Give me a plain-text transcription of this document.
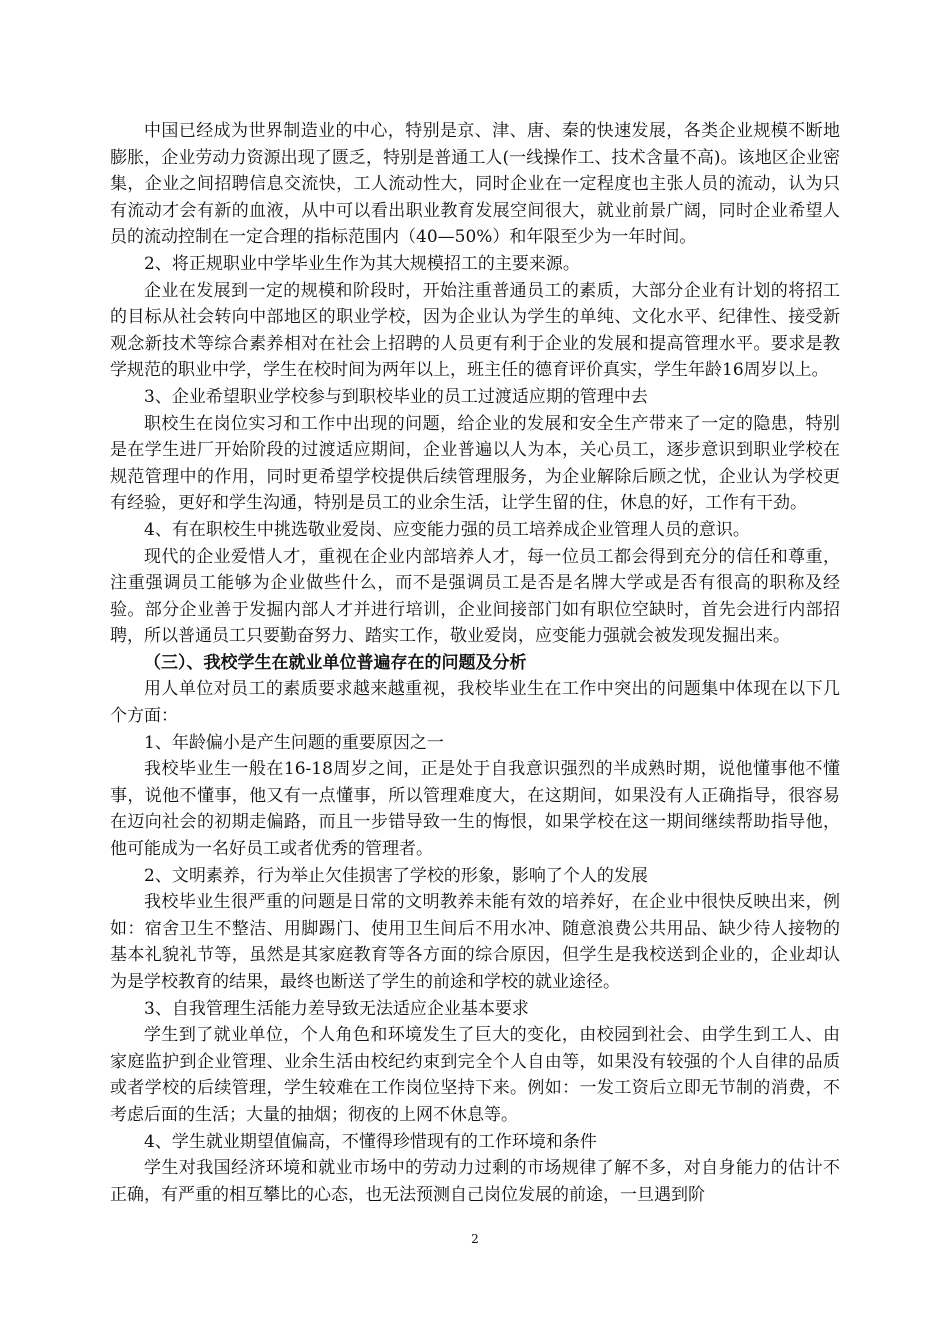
中国已经成为世界制造业的中心，特别是京、津、唐、秦的快速发展，各类企业规模不断地膨胀，企业劳动力资源出现了匮乏，特别是普通工人(一线操作工、技术含量不高)。该地区企业密集，企业之间招聘信息交流快，工人流动性大，同时企业在一定程度也主张人员的流动，认为只有流动才会有新的血液，从中可以看出职业教育发展空间很大，就业前景广阔，同时企业希望人员的流动控制在一定合理的指标范围内（40—50%）和年限至少为一年时间。

2、将正规职业中学毕业生作为其大规模招工的主要来源。

企业在发展到一定的规模和阶段时，开始注重普通员工的素质，大部分企业有计划的将招工的目标从社会转向中部地区的职业学校，因为企业认为学生的单纯、文化水平、纪律性、接受新观念新技术等综合素养相对在社会上招聘的人员更有利于企业的发展和提高管理水平。要求是教学规范的职业中学，学生在校时间为两年以上，班主任的德育评价真实，学生年龄16周岁以上。

3、企业希望职业学校参与到职校毕业的员工过渡适应期的管理中去

职校生在岗位实习和工作中出现的问题，给企业的发展和安全生产带来了一定的隐患，特别是在学生进厂开始阶段的过渡适应期间，企业普遍以人为本，关心员工，逐步意识到职业学校在规范管理中的作用，同时更希望学校提供后续管理服务，为企业解除后顾之忧，企业认为学校更有经验，更好和学生沟通，特别是员工的业余生活，让学生留的住，休息的好，工作有干劲。

4、有在职校生中挑选敬业爱岗、应变能力强的员工培养成企业管理人员的意识。

现代的企业爱惜人才，重视在企业内部培养人才，每一位员工都会得到充分的信任和尊重，注重强调员工能够为企业做些什么，而不是强调员工是否是名牌大学或是否有很高的职称及经验。部分企业善于发掘内部人才并进行培训，企业间接部门如有职位空缺时，首先会进行内部招聘，所以普通员工只要勤奋努力、踏实工作，敬业爱岗，应变能力强就会被发现发掘出来。

（三）、我校学生在就业单位普遍存在的问题及分析

用人单位对员工的素质要求越来越重视，我校毕业生在工作中突出的问题集中体现在以下几个方面：

1、年龄偏小是产生问题的重要原因之一

我校毕业生一般在16-18周岁之间，正是处于自我意识强烈的半成熟时期，说他懂事他不懂事，说他不懂事，他又有一点懂事，所以管理难度大，在这期间，如果没有人正确指导，很容易在迈向社会的初期走偏路，而且一步错导致一生的悔恨，如果学校在这一期间继续帮助指导他，他可能成为一名好员工或者优秀的管理者。

2、文明素养，行为举止欠佳损害了学校的形象，影响了个人的发展

我校毕业生很严重的问题是日常的文明教养未能有效的培养好，在企业中很快反映出来，例如：宿舍卫生不整洁、用脚踢门、使用卫生间后不用水冲、随意浪费公共用品、缺少待人接物的基本礼貌礼节等，虽然是其家庭教育等各方面的综合原因，但学生是我校送到企业的，企业却认为是学校教育的结果，最终也断送了学生的前途和学校的就业途径。

3、自我管理生活能力差导致无法适应企业基本要求

学生到了就业单位，个人角色和环境发生了巨大的变化，由校园到社会、由学生到工人、由家庭监护到企业管理、业余生活由校纪约束到完全个人自由等，如果没有较强的个人自律的品质或者学校的后续管理，学生较难在工作岗位坚持下来。例如：一发工资后立即无节制的消费，不考虑后面的生活；大量的抽烟；彻夜的上网不休息等。

4、学生就业期望值偏高，不懂得珍惜现有的工作环境和条件

学生对我国经济环境和就业市场中的劳动力过剩的市场规律了解不多，对自身能力的估计不正确，有严重的相互攀比的心态，也无法预测自己岗位发展的前途，一旦遇到阶

2
